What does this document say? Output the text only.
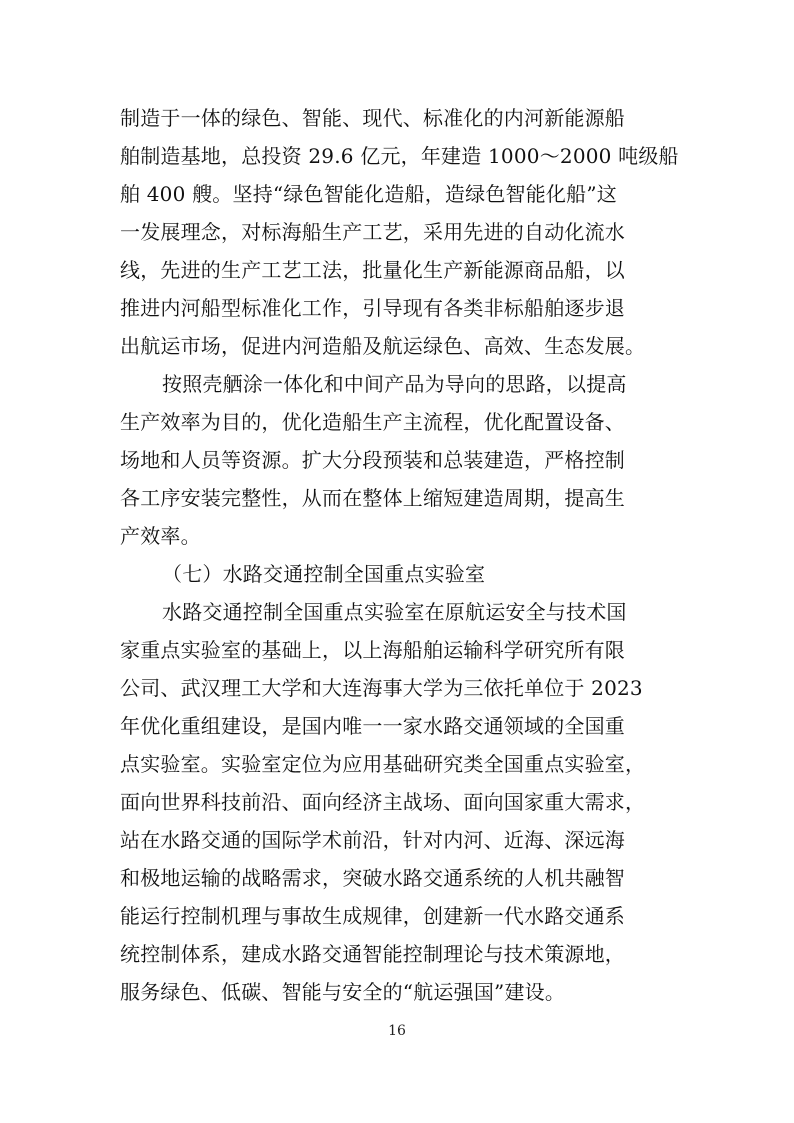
制造于一体的绿色、智能、现代、标准化的内河新能源船
舶制造基地，总投资 29.6 亿元，年建造 1000～2000 吨级船
舶 400 艘。坚持“绿色智能化造船，造绿色智能化船”这
一发展理念，对标海船生产工艺，采用先进的自动化流水
线，先进的生产工艺工法，批量化生产新能源商品船，以
推进内河船型标准化工作，引导现有各类非标船舶逐步退
出航运市场，促进内河造船及航运绿色、高效、生态发展。
按照壳舾涂一体化和中间产品为导向的思路，以提高
生产效率为目的，优化造船生产主流程，优化配置设备、
场地和人员等资源。扩大分段预装和总装建造，严格控制
各工序安装完整性，从而在整体上缩短建造周期，提高生
产效率。
（七）水路交通控制全国重点实验室
水路交通控制全国重点实验室在原航运安全与技术国
家重点实验室的基础上，以上海船舶运输科学研究所有限
公司、武汉理工大学和大连海事大学为三依托单位于 2023
年优化重组建设，是国内唯一一家水路交通领域的全国重
点实验室。实验室定位为应用基础研究类全国重点实验室，
面向世界科技前沿、面向经济主战场、面向国家重大需求，
站在水路交通的国际学术前沿，针对内河、近海、深远海
和极地运输的战略需求，突破水路交通系统的人机共融智
能运行控制机理与事故生成规律，创建新一代水路交通系
统控制体系，建成水路交通智能控制理论与技术策源地，
服务绿色、低碳、智能与安全的“航运强国”建设。
16
